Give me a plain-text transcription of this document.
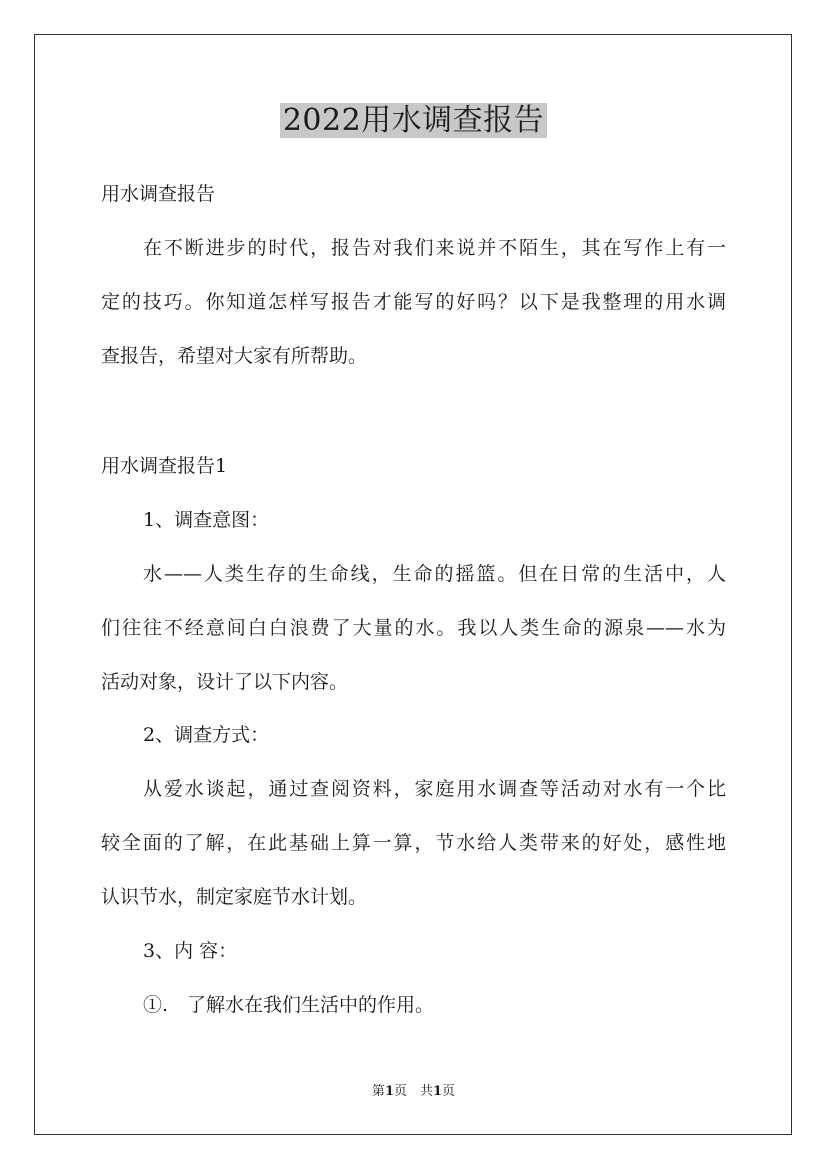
2022用水调查报告
用水调查报告
在不断进步的时代，报告对我们来说并不陌生，其在写作上有一
定的技巧。你知道怎样写报告才能写的好吗？以下是我整理的用水调
查报告，希望对大家有所帮助。
用水调查报告1
1、调查意图：
水——人类生存的生命线，生命的摇篮。但在日常的生活中，人
们往往不经意间白白浪费了大量的水。我以人类生命的源泉——水为
活动对象，设计了以下内容。
2、调查方式：
从爱水谈起，通过查阅资料，家庭用水调查等活动对水有一个比
较全面的了解，在此基础上算一算，节水给人类带来的好处，感性地
认识节水，制定家庭节水计划。
3、内 容：
①.　了解水在我们生活中的作用。
第1页　共1页
